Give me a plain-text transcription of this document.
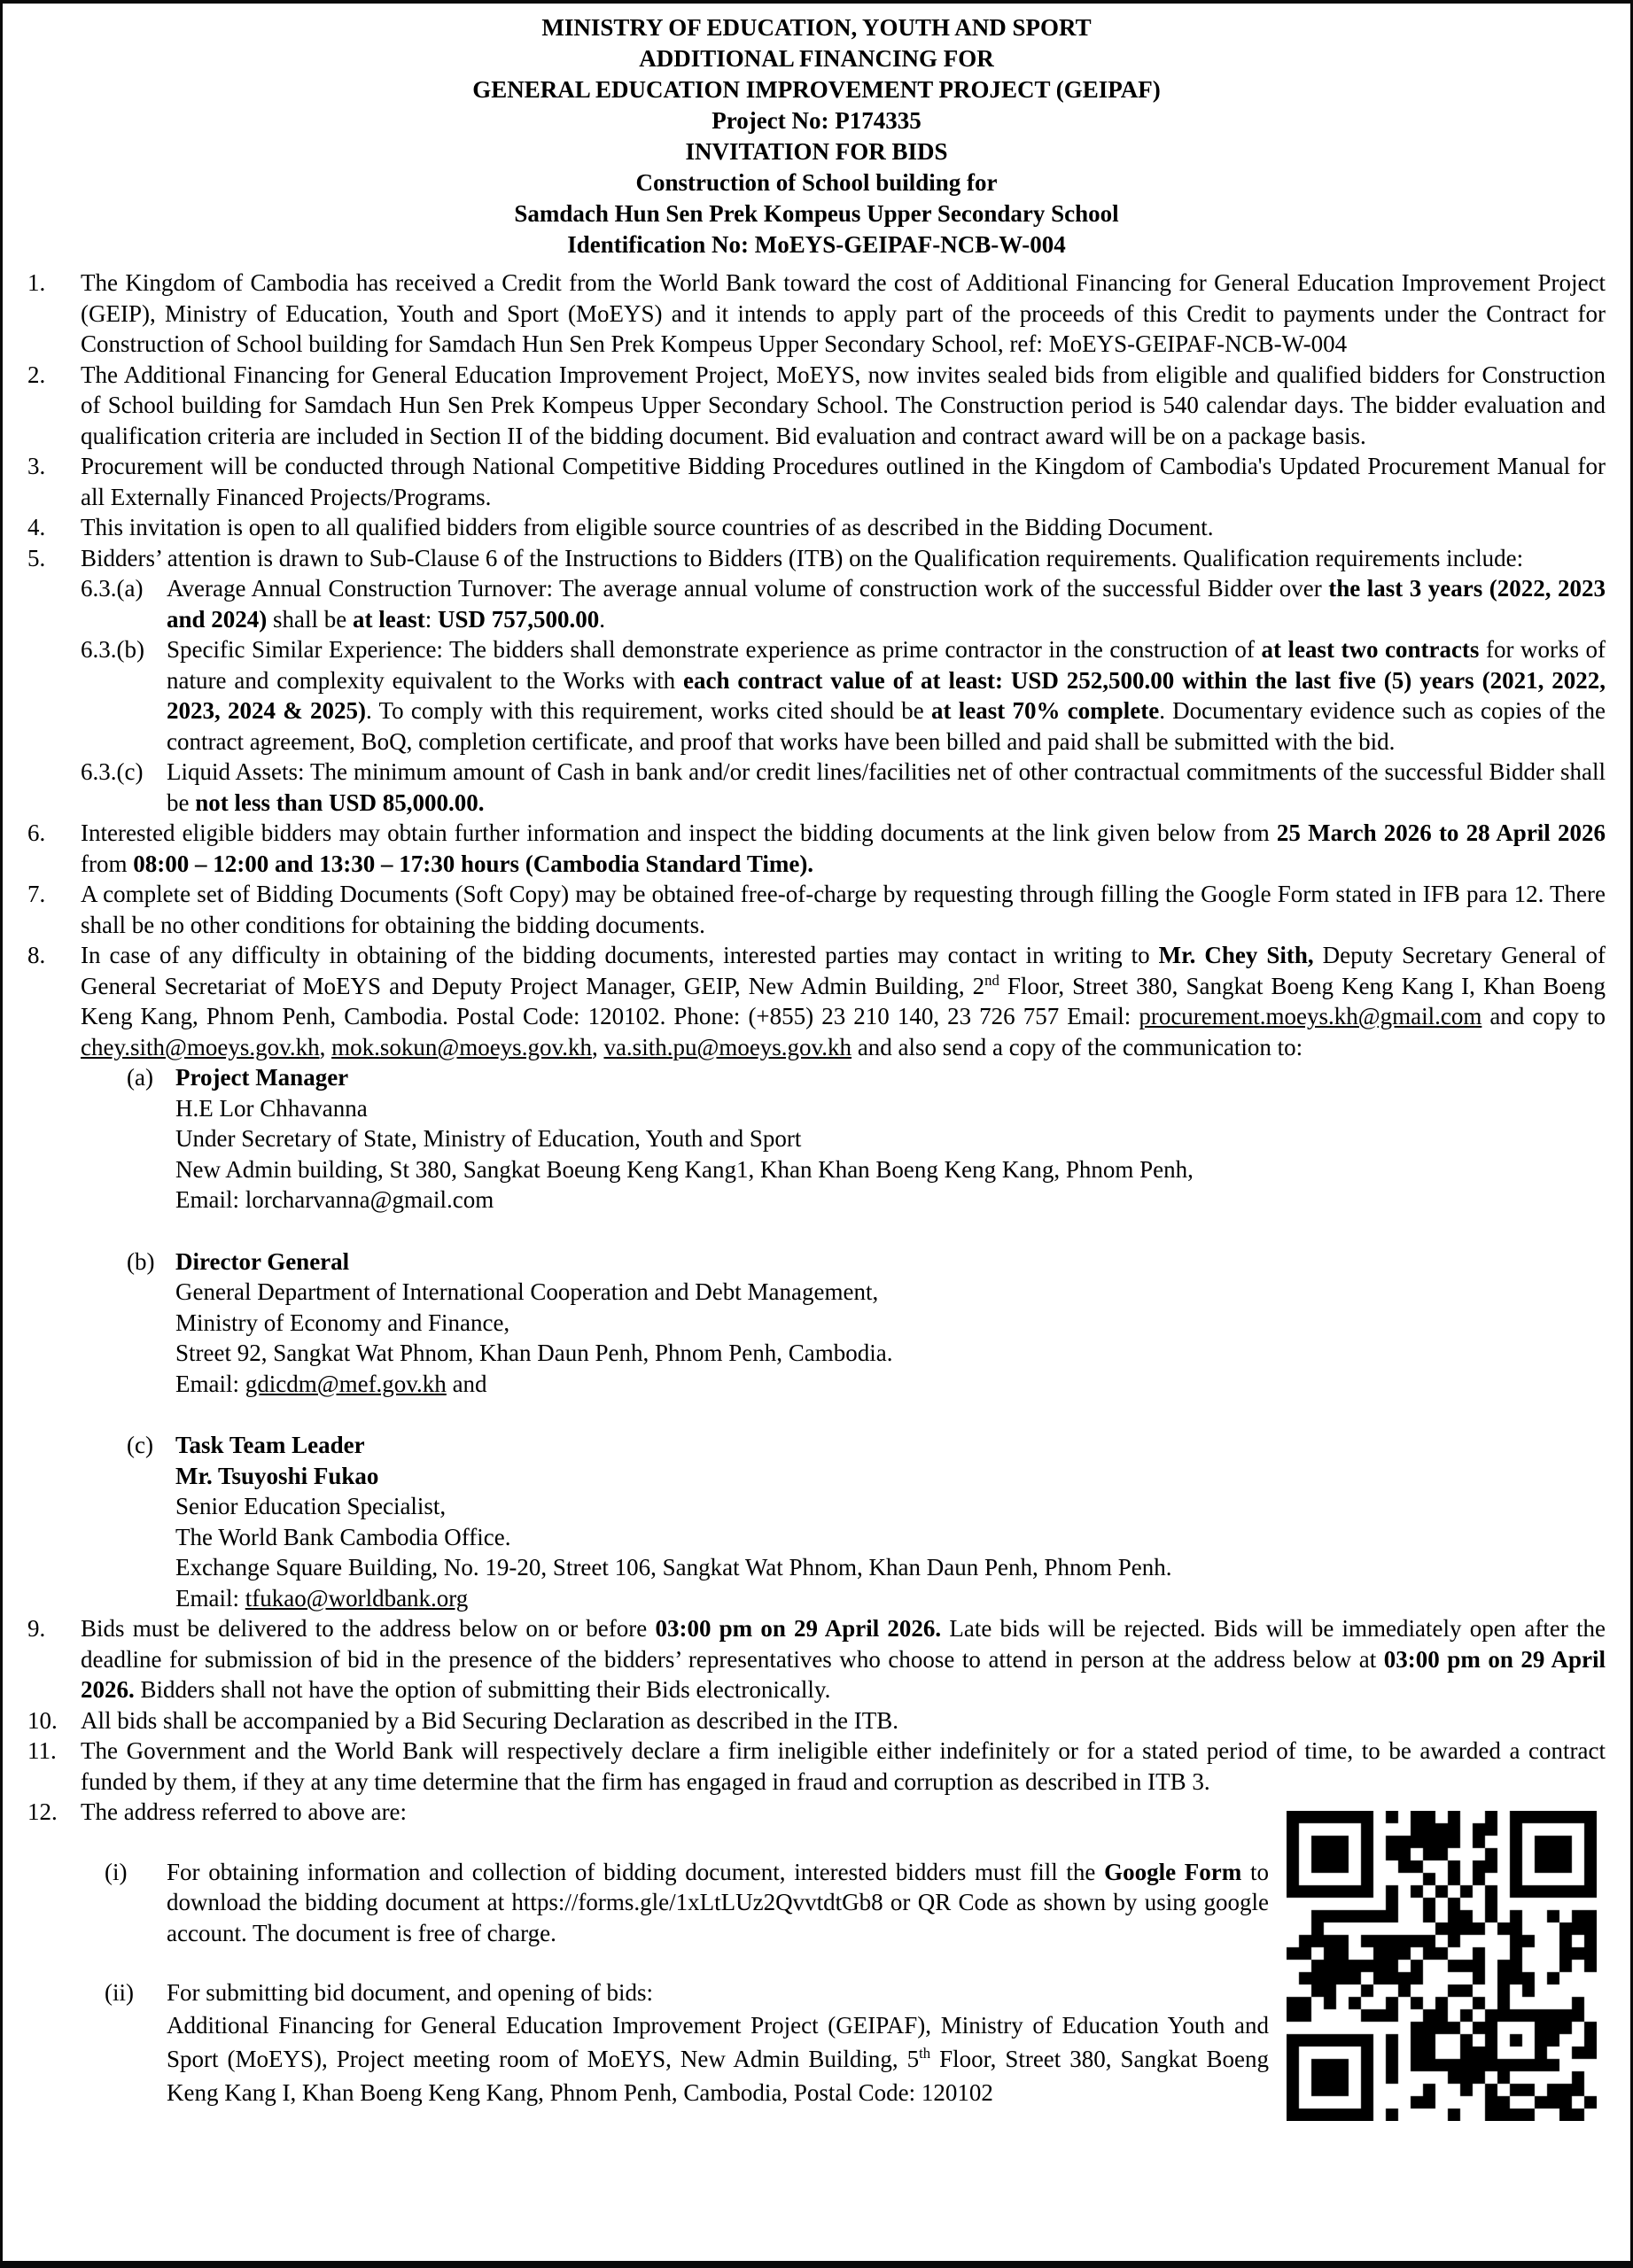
MINISTRY OF EDUCATION, YOUTH AND SPORT
ADDITIONAL FINANCING FOR
GENERAL EDUCATION IMPROVEMENT PROJECT (GEIPAF)
Project No: P174335
INVITATION FOR BIDS
Construction of School building for
Samdach Hun Sen Prek Kompeus Upper Secondary School
Identification No: MoEYS-GEIPAF-NCB-W-004
1. The Kingdom of Cambodia has received a Credit from the World Bank toward the cost of Additional Financing for General Education Improvement Project (GEIP), Ministry of Education, Youth and Sport (MoEYS) and it intends to apply part of the proceeds of this Credit to payments under the Contract for Construction of School building for Samdach Hun Sen Prek Kompeus Upper Secondary School, ref: MoEYS-GEIPAF-NCB-W-004
2. The Additional Financing for General Education Improvement Project, MoEYS, now invites sealed bids from eligible and qualified bidders for Construction of School building for Samdach Hun Sen Prek Kompeus Upper Secondary School. The Construction period is 540 calendar days. The bidder evaluation and qualification criteria are included in Section II of the bidding document. Bid evaluation and contract award will be on a package basis.
3. Procurement will be conducted through National Competitive Bidding Procedures outlined in the Kingdom of Cambodia's Updated Procurement Manual for all Externally Financed Projects/Programs.
4. This invitation is open to all qualified bidders from eligible source countries of as described in the Bidding Document.
5. Bidders’ attention is drawn to Sub-Clause 6 of the Instructions to Bidders (ITB) on the Qualification requirements. Qualification requirements include:
6.3.(a) Average Annual Construction Turnover: The average annual volume of construction work of the successful Bidder over the last 3 years (2022, 2023 and 2024) shall be at least: USD 757,500.00.
6.3.(b) Specific Similar Experience: The bidders shall demonstrate experience as prime contractor in the construction of at least two contracts for works of nature and complexity equivalent to the Works with each contract value of at least: USD 252,500.00 within the last five (5) years (2021, 2022, 2023, 2024 & 2025). To comply with this requirement, works cited should be at least 70% complete. Documentary evidence such as copies of the contract agreement, BoQ, completion certificate, and proof that works have been billed and paid shall be submitted with the bid.
6.3.(c) Liquid Assets: The minimum amount of Cash in bank and/or credit lines/facilities net of other contractual commitments of the successful Bidder shall be not less than USD 85,000.00.
6. Interested eligible bidders may obtain further information and inspect the bidding documents at the link given below from 25 March 2026 to 28 April 2026 from 08:00 – 12:00 and 13:30 – 17:30 hours (Cambodia Standard Time).
7. A complete set of Bidding Documents (Soft Copy) may be obtained free-of-charge by requesting through filling the Google Form stated in IFB para 12. There shall be no other conditions for obtaining the bidding documents.
8. In case of any difficulty in obtaining of the bidding documents, interested parties may contact in writing to Mr. Chey Sith, Deputy Secretary General of General Secretariat of MoEYS and Deputy Project Manager, GEIP, New Admin Building, 2nd Floor, Street 380, Sangkat Boeng Keng Kang I, Khan Boeng Keng Kang, Phnom Penh, Cambodia. Postal Code: 120102. Phone: (+855) 23 210 140, 23 726 757 Email: procurement.moeys.kh@gmail.com and copy to chey.sith@moeys.gov.kh, mok.sokun@moeys.gov.kh, va.sith.pu@moeys.gov.kh and also send a copy of the communication to:
(a) Project Manager
H.E Lor Chhavanna
Under Secretary of State, Ministry of Education, Youth and Sport
New Admin building, St 380, Sangkat Boeung Keng Kang1, Khan Khan Boeng Keng Kang, Phnom Penh,
Email: lorcharvanna@gmail.com
(b) Director General
General Department of International Cooperation and Debt Management,
Ministry of Economy and Finance,
Street 92, Sangkat Wat Phnom, Khan Daun Penh, Phnom Penh, Cambodia.
Email: gdicdm@mef.gov.kh and
(c) Task Team Leader
Mr. Tsuyoshi Fukao
Senior Education Specialist,
The World Bank Cambodia Office.
Exchange Square Building, No. 19-20, Street 106, Sangkat Wat Phnom, Khan Daun Penh, Phnom Penh.
Email: tfukao@worldbank.org
9. Bids must be delivered to the address below on or before 03:00 pm on 29 April 2026. Late bids will be rejected. Bids will be immediately open after the deadline for submission of bid in the presence of the bidders’ representatives who choose to attend in person at the address below at 03:00 pm on 29 April 2026. Bidders shall not have the option of submitting their Bids electronically.
10. All bids shall be accompanied by a Bid Securing Declaration as described in the ITB.
11. The Government and the World Bank will respectively declare a firm ineligible either indefinitely or for a stated period of time, to be awarded a contract funded by them, if they at any time determine that the firm has engaged in fraud and corruption as described in ITB 3.
12. The address referred to above are:
(i) For obtaining information and collection of bidding document, interested bidders must fill the Google Form to download the bidding document at https://forms.gle/1xLtLUz2QvvtdtGb8 or QR Code as shown by using google account. The document is free of charge.
(ii) For submitting bid document, and opening of bids:
Additional Financing for General Education Improvement Project (GEIPAF), Ministry of Education Youth and Sport (MoEYS), Project meeting room of MoEYS, New Admin Building, 5th Floor, Street 380, Sangkat Boeng Keng Kang I, Khan Boeng Keng Kang, Phnom Penh, Cambodia, Postal Code: 120102
